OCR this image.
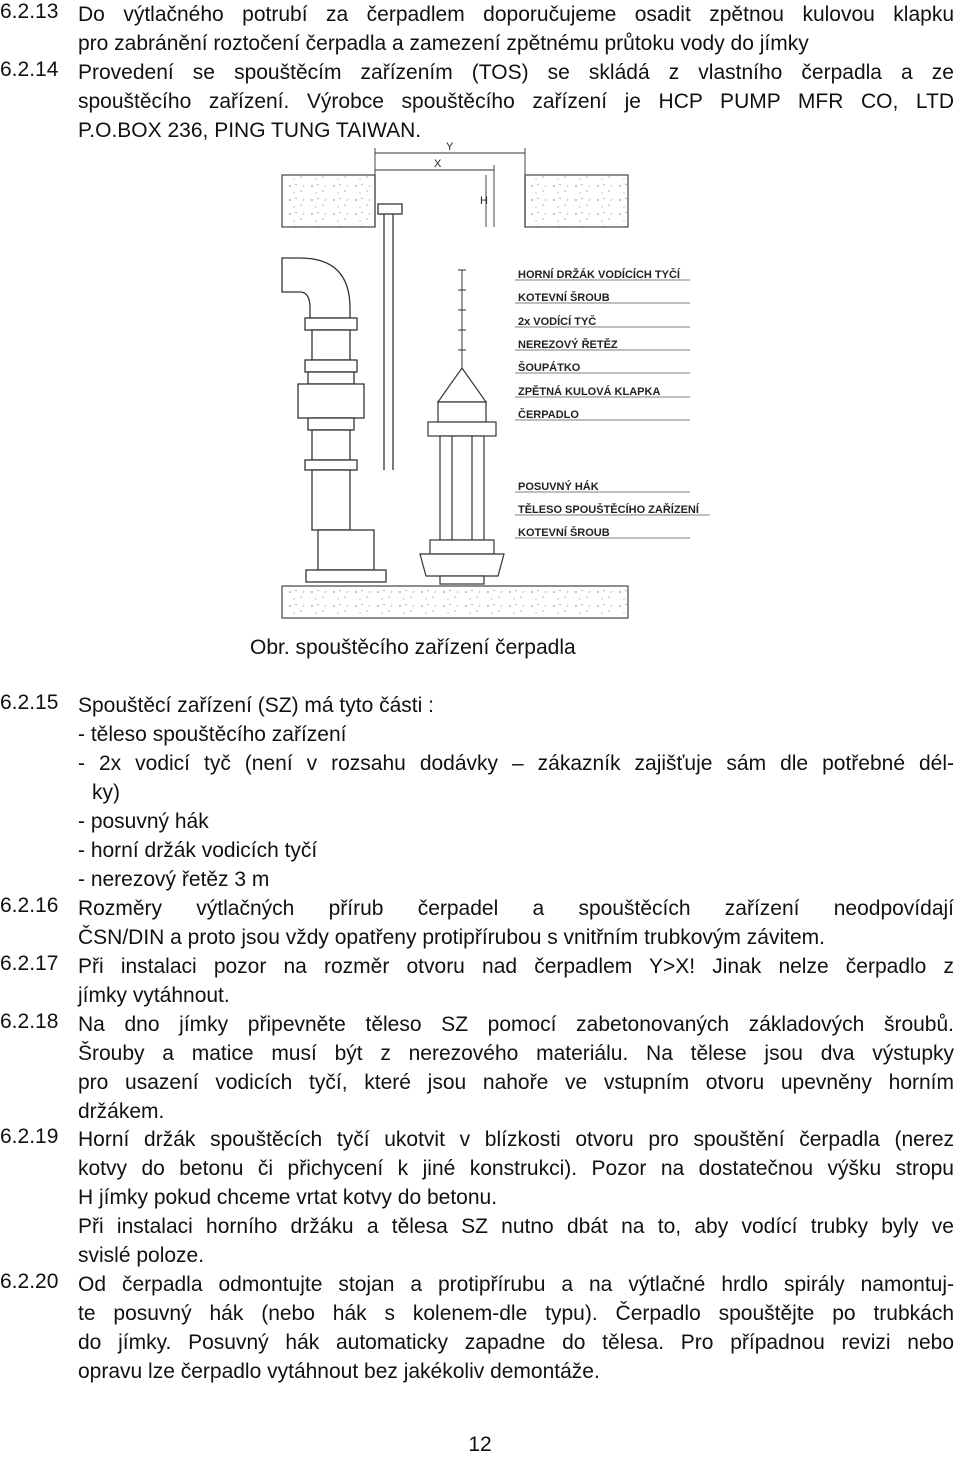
6.2.13 Do výtlačného potrubí za čerpadlem doporučujeme osadit zpětnou kulovou klapku
pro zabránění roztočení čerpadla a zamezení zpětnému průtoku vody do jímky
6.2.14 Provedení se spouštěcím zařízením (TOS) se skládá z vlastního čerpadla a ze
spouštěcího zařízení. Výrobce spouštěcího zařízení je HCP PUMP MFR CO, LTD
P.O.BOX 236, PING TUNG TAIWAN.
Y
X
H
HORNÍ DRŽÁK VODÍCÍCH TYČÍ
KOTEVNÍ ŠROUB
2x VODÍCÍ TYČ
NEREZOVÝ ŘETĚZ
ŠOUPÁTKO
ZPĚTNÁ KULOVÁ KLAPKA
ČERPADLO
POSUVNÝ HÁK
TĚLESO SPOUŠTĚCÍHO ZAŘÍZENÍ
KOTEVNÍ ŠROUB
Obr. spouštěcího zařízení čerpadla
6.2.15 Spouštěcí zařízení (SZ) má tyto části :
- těleso spouštěcího zařízení
- 2x vodicí tyč (není v rozsahu dodávky – zákazník zajišťuje sám dle potřebné dél-
ky)
- posuvný hák
- horní držák vodicích tyčí
- nerezový řetěz 3 m
6.2.16 Rozměry výtlačných přírub čerpadel a spouštěcích zařízení neodpovídají
ČSN/DIN a proto jsou vždy opatřeny protipřírubou s vnitřním trubkovým závitem.
6.2.17 Při instalaci pozor na rozměr otvoru nad čerpadlem Y>X! Jinak nelze čerpadlo z
jímky vytáhnout.
6.2.18 Na dno jímky připevněte těleso SZ pomocí zabetonovaných základových šroubů.
Šrouby a matice musí být z nerezového materiálu. Na tělese jsou dva výstupky
pro usazení vodicích tyčí, které jsou nahoře ve vstupním otvoru upevněny horním
držákem.
6.2.19 Horní držák spouštěcích tyčí ukotvit v blízkosti otvoru pro spouštění čerpadla (nerez
kotvy do betonu či přichycení k jiné konstrukci). Pozor na dostatečnou výšku stropu
H jímky pokud chceme vrtat kotvy do betonu.
Při instalaci horního držáku a tělesa SZ nutno dbát na to, aby vodící trubky byly ve
svislé poloze.
6.2.20 Od čerpadla odmontujte stojan a protipřírubu a na výtlačné hrdlo spirály namontuj-
te posuvný hák (nebo hák s kolenem-dle typu). Čerpadlo spouštějte po trubkách
do jímky. Posuvný hák automaticky zapadne do tělesa. Pro případnou revizi nebo
opravu lze čerpadlo vytáhnout bez jakékoliv demontáže.
12
